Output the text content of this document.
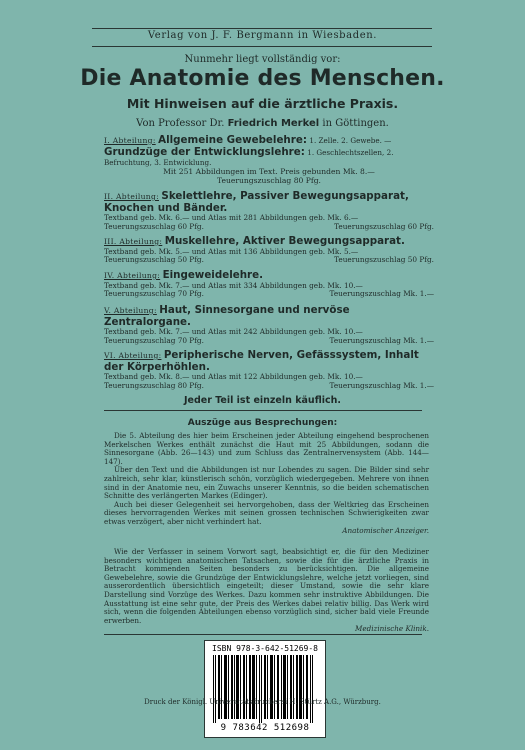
Verlag von J. F. Bergmann in Wiesbaden.
Nunmehr liegt vollständig vor:
Die Anatomie des Menschen.
Mit Hinweisen auf die ärztliche Praxis.
Von Professor Dr. Friedrich Merkel in Göttingen.
I. Abteilung: Allgemeine Gewebelehre: 1. Zelle. 2. Gewebe. —
Grundzüge der Entwicklungslehre: 1. Geschlechtszellen, 2. Befruchtung, 3. Entwicklung.
Mit 251 Abbildungen im Text. Preis gebunden Mk. 8.—
Teuerungszuschlag 80 Pfg.
II. Abteilung: Skelettlehre, Passiver Bewegungsapparat, Knochen und Bänder.
Textband geb. Mk. 6.— und Atlas mit 281 Abbildungen geb. Mk. 6.—
Teuerungszuschlag 60 Pfg.	Teuerungszuschlag 60 Pfg.
III. Abteilung: Muskellehre, Aktiver Bewegungsapparat.
Textband geb. Mk. 5.— und Atlas mit 136 Abbildungen geb. Mk. 5.—
Teuerungszuschlag 50 Pfg.	Teuerungszuschlag 50 Pfg.
IV. Abteilung: Eingeweidelehre.
Textband geb. Mk. 7.— und Atlas mit 334 Abbildungen geb. Mk. 10.—
Teuerungszuschlag 70 Pfg.	Teuerungszuschlag Mk. 1.—
V. Abteilung: Haut, Sinnesorgane und nervöse Zentralorgane.
Textband geb. Mk. 7.— und Atlas mit 242 Abbildungen geb. Mk. 10.—
Teuerungszuschlag 70 Pfg.	Teuerungszuschlag Mk. 1.—
VI. Abteilung: Peripherische Nerven, Gefässsystem, Inhalt der Körperhöhlen.
Textband geb. Mk. 8.— und Atlas mit 122 Abbildungen geb. Mk. 10.—
Teuerungszuschlag 80 Pfg.	Teuerungszuschlag Mk. 1.—
Jeder Teil ist einzeln käuflich.
Auszüge aus Besprechungen:
Die 5. Abteilung des hier beim Erscheinen jeder Abteilung eingehend besprochenen Merkelschen Werkes enthält zunächst die Haut mit 25 Abbildungen, sodann die Sinnesorgane (Abb. 26—143) und zum Schluss das Zentralnervensystem (Abb. 144—147).
Über den Text und die Abbildungen ist nur Lobendes zu sagen. Die Bilder sind sehr zahlreich, sehr klar, künstlerisch schön, vorzüglich wiedergegeben. Mehrere von ihnen sind in der Anatomie neu, ein Zuwachs unserer Kenntnis, so die beiden schematischen Schnitte des verlängerten Markes (Edinger).
Auch bei dieser Gelegenheit sei hervorgehoben, dass der Weltkrieg das Erscheinen dieses hervorragenden Werkes mit seinen grossen technischen Schwierigkeiten zwar etwas verzögert, aber nicht verhindert hat.
Anatomischer Anzeiger.
Wie der Verfasser in seinem Vorwort sagt, beabsichtigt er, die für den Mediziner besonders wichtigen anatomischen Tatsachen, sowie die für die ärztliche Praxis in Betracht kommenden Seiten besonders zu berücksichtigen. Die allgemeine Gewebelehre, sowie die Grundzüge der Entwicklungslehre, welche jetzt vorliegen, sind ausserordentlich übersichtlich eingeteilt; dieser Umstand, sowie die sehr klare Darstellung sind Vorzüge des Werkes. Dazu kommen sehr instruktive Abbildungen. Die Ausstattung ist eine sehr gute, der Preis des Werkes dabei relativ billig. Das Werk wird sich, wenn die folgenden Abteilungen ebenso vorzüglich sind, sicher bald viele Freunde erwerben.
Medizinische Klinik.
ISBN 978-3-642-51269-8
9 783642 512698
Druck der Königl. Universitätsdruckerei H. Stürtz A.G., Würzburg.
